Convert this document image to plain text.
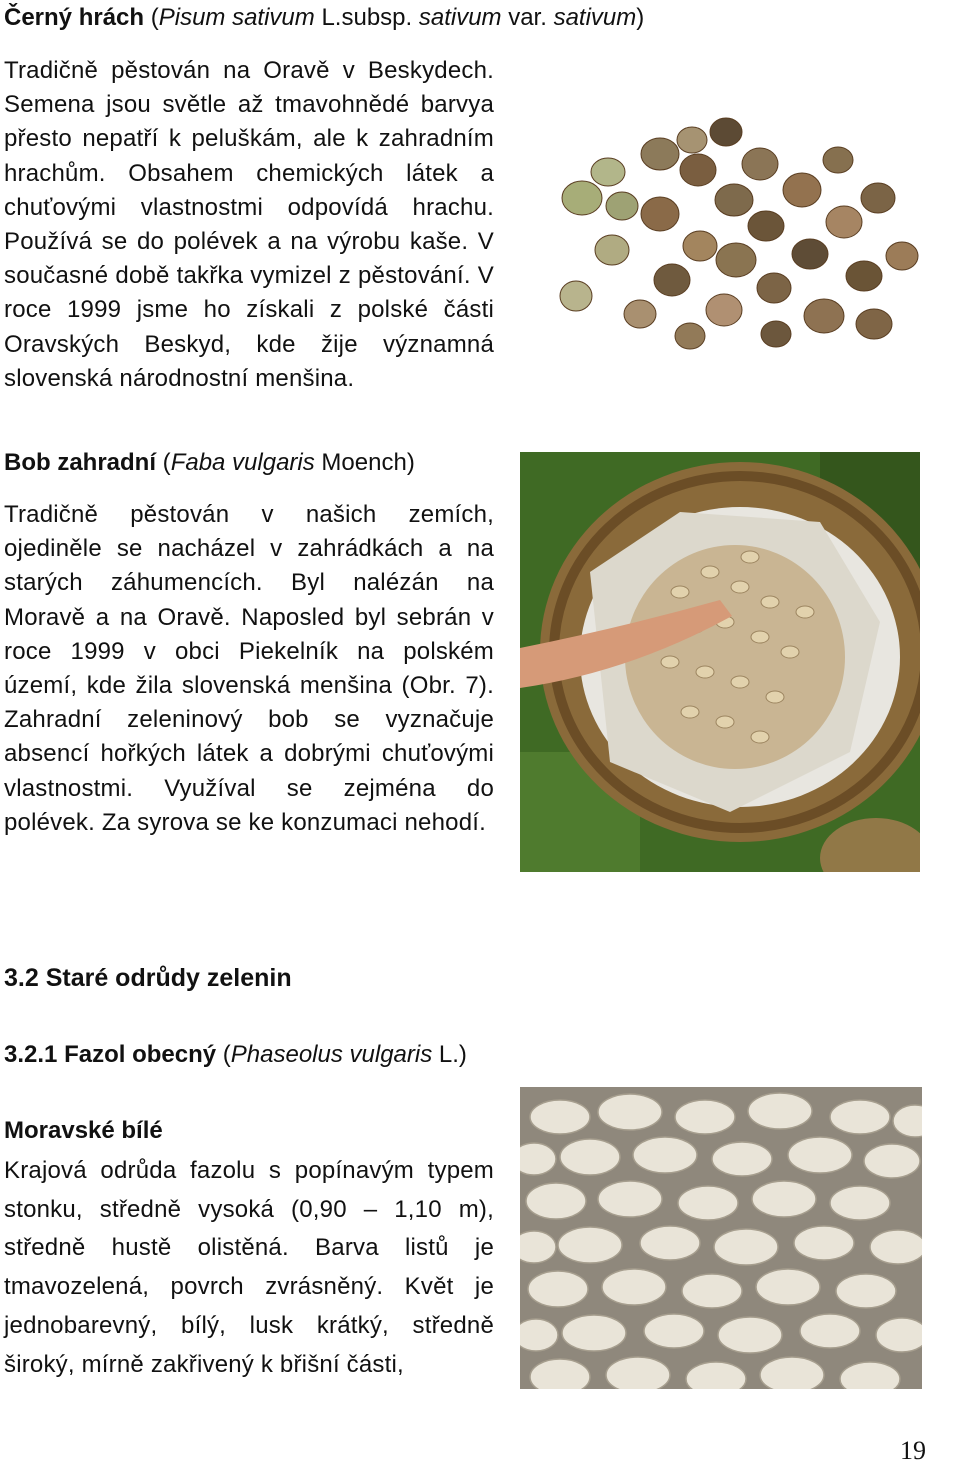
Černý hrách (Pisum sativum L.subsp. sativum var. sativum)

Tradičně pěstován na Oravě v Beskydech. Semena jsou světle až tmavohnědé barvya přesto nepatří k peluškám, ale k zahradním hrachům. Obsahem chemických látek a chuťovými vlastnostmi odpovídá hrachu. Používá se do polévek a na výrobu kaše. V současné době takřka vymizel z pěstování. V roce 1999 jsme ho získali z polské části Oravských Beskyd, kde žije významná slovenská národnostní menšina.

Bob zahradní (Faba vulgaris Moench)

Tradičně pěstován v našich zemích, ojediněle se nacházel v zahrádkách a na starých záhumencích. Byl nalézán na Moravě a na Oravě. Naposled byl sebrán v roce 1999 v obci Piekelník na polském území, kde žila slovenská menšina (Obr. 7). Zahradní zeleninový bob se vyznačuje absencí hořkých látek a dobrými chuťovými vlastnostmi. Využíval se zejména do polévek. Za syrova se ke konzumaci nehodí.

3.2 Staré odrůdy zelenin
3.2.1 Fazol obecný (Phaseolus vulgaris L.)
Moravské bílé

Krajová odrůda fazolu s popínavým typem stonku, středně vysoká (0,90 – 1,10 m), středně hustě olistěná. Barva listů je tmavozelená, povrch zvrásněný. Květ je jednobarevný, bílý, lusk krátký, středně široký, mírně zakřivený k břišní části,

19
